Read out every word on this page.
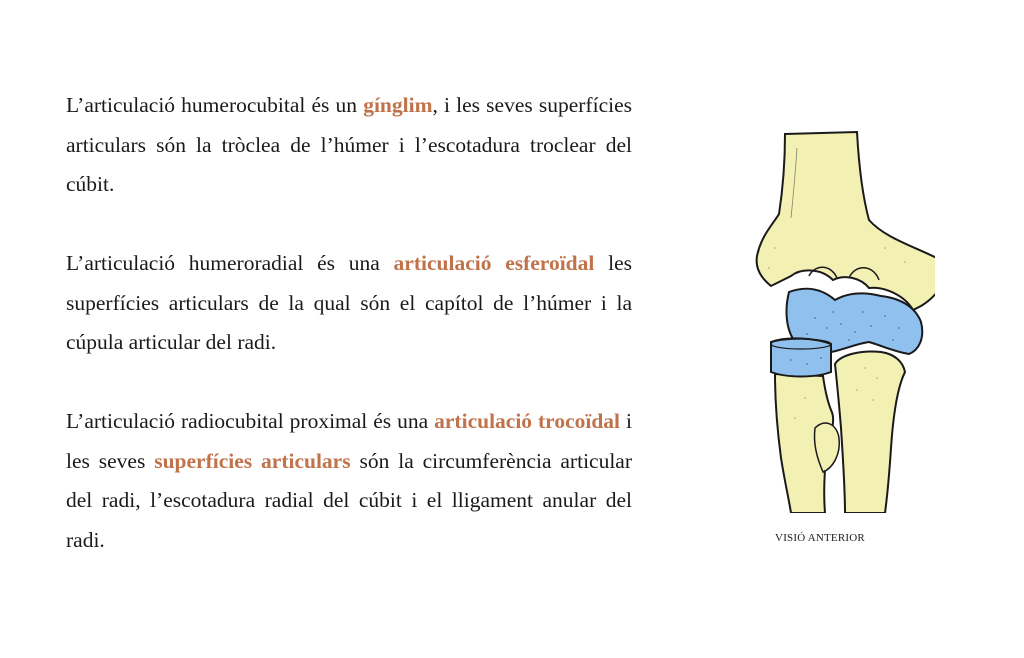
L’articulació humerocubital és un gínglim, i les seves superfícies articulars són la tròclea de l’húmer i l’escotadura troclear del cúbit.

L’articulació humeroradial és una articulació esferoïdal les superfícies articulars de la qual són el capítol de l’húmer i la cúpula articular del radi.

L’articulació radiocubital proximal és una articulació trocoïdal i les seves superfícies articulars són la circumferència articular del radi, l’escotadura radial del cúbit i el lligament anular del radi.	VISIÓ ANTERIOR
